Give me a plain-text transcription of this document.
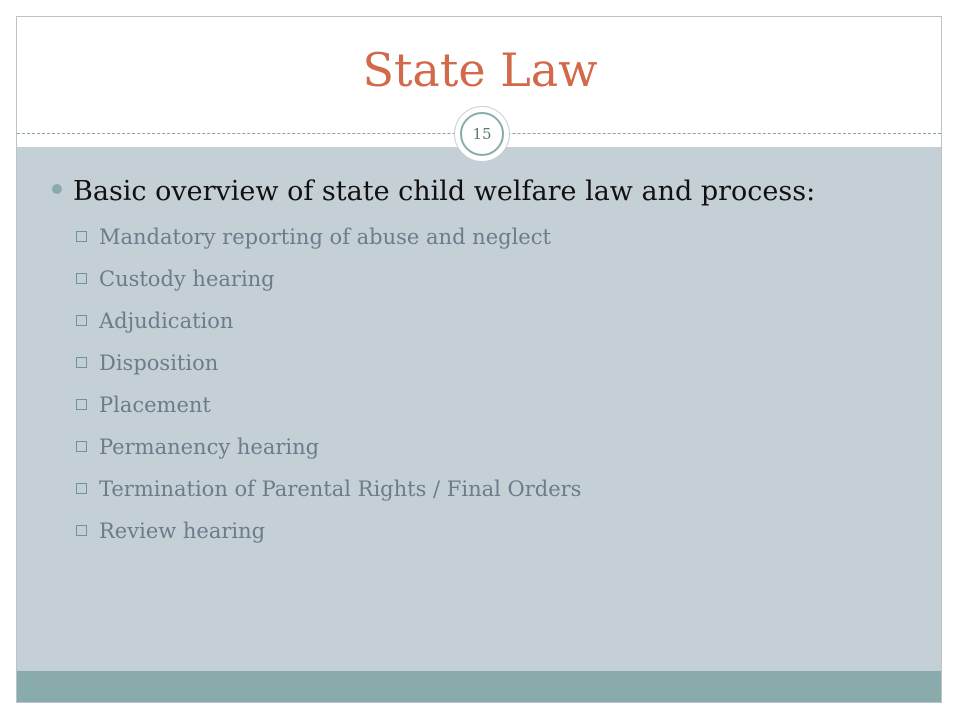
State Law
15
Basic overview of state child welfare law and process:
Mandatory reporting of abuse and neglect
Custody hearing
Adjudication
Disposition
Placement
Permanency hearing
Termination of Parental Rights / Final Orders
Review hearing
